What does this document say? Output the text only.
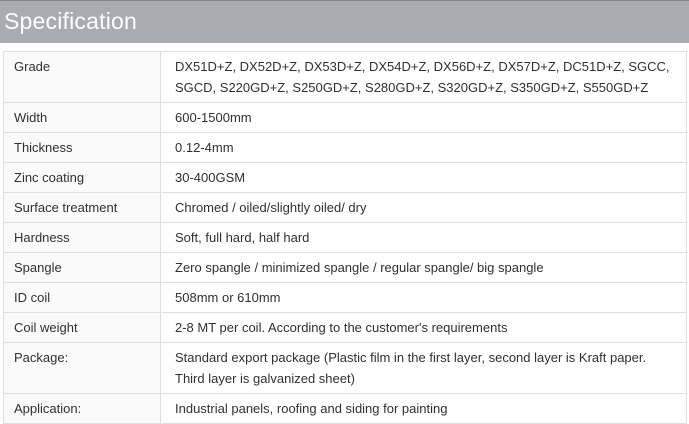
Specification
Grade	DX51D+Z, DX52D+Z, DX53D+Z, DX54D+Z, DX56D+Z, DX57D+Z, DC51D+Z, SGCC, SGCD, S220GD+Z, S250GD+Z, S280GD+Z, S320GD+Z, S350GD+Z, S550GD+Z
Width	600-1500mm
Thickness	0.12-4mm
Zinc coating	30-400GSM
Surface treatment	Chromed / oiled/slightly oiled/ dry
Hardness	Soft, full hard, half hard
Spangle	Zero spangle / minimized spangle / regular spangle/ big spangle
ID coil	508mm or 610mm
Coil weight	2-8 MT per coil. According to the customer's requirements
Package:	Standard export package (Plastic film in the first layer, second layer is Kraft paper. Third layer is galvanized sheet)
Application:	Industrial panels, roofing and siding for painting
